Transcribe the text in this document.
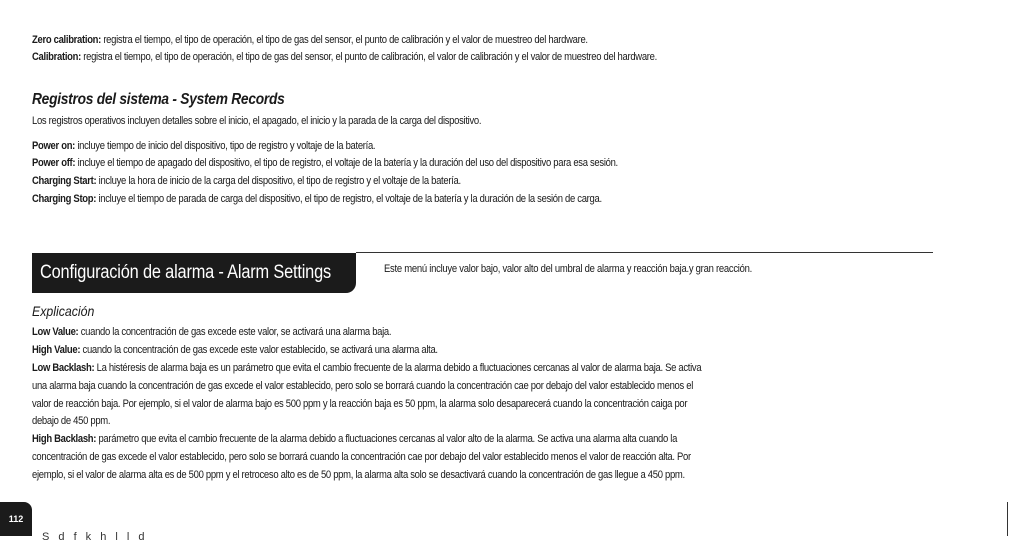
Zero calibration: registra el tiempo, el tipo de operación, el tipo de gas del sensor, el punto de calibración y el valor de muestreo del hardware.
Calibration: registra el tiempo, el tipo de operación, el tipo de gas del sensor, el punto de calibración, el valor de calibración y el valor de muestreo del hardware.
Registros del sistema - System Records
Los registros operativos incluyen detalles sobre el inicio, el apagado, el inicio y la parada de la carga del dispositivo.
Power on: incluye tiempo de inicio del dispositivo, tipo de registro y voltaje de la batería.
Power off: incluye el tiempo de apagado del dispositivo, el tipo de registro, el voltaje de la batería y la duración del uso del dispositivo para esa sesión.
Charging Start: incluye la hora de inicio de la carga del dispositivo, el tipo de registro y el voltaje de la batería.
Charging Stop: incluye el tiempo de parada de carga del dispositivo, el tipo de registro, el voltaje de la batería y la duración de la sesión de carga.
Configuración de alarma - Alarm Settings	Este menú incluye valor bajo, valor alto del umbral de alarma y reacción baja.y gran reacción.
Explicación
Low Value: cuando la concentración de gas excede este valor, se activará una alarma baja.
High Value: cuando la concentración de gas excede este valor establecido, se activará una alarma alta.
Low Backlash: La histéresis de alarma baja es un parámetro que evita el cambio frecuente de la alarma debido a fluctuaciones cercanas al valor de alarma baja. Se activa
una alarma baja cuando la concentración de gas excede el valor establecido, pero solo se borrará cuando la concentración cae por debajo del valor establecido menos el
valor de reacción baja. Por ejemplo, si el valor de alarma bajo es 500 ppm y la reacción baja es 50 ppm, la alarma solo desaparecerá cuando la concentración caiga por
debajo de 450 ppm.
High Backlash: parámetro que evita el cambio frecuente de la alarma debido a fluctuaciones cercanas al valor alto de la alarma. Se activa una alarma alta cuando la
concentración de gas excede el valor establecido, pero solo se borrará cuando la concentración cae por debajo del valor establecido menos el valor de reacción alta. Por
ejemplo, si el valor de alarma alta es de 500 ppm y el retroceso alto es de 50 ppm, la alarma alta solo se desactivará cuando la concentración de gas llegue a 450 ppm.
112
S d f k h l l d
